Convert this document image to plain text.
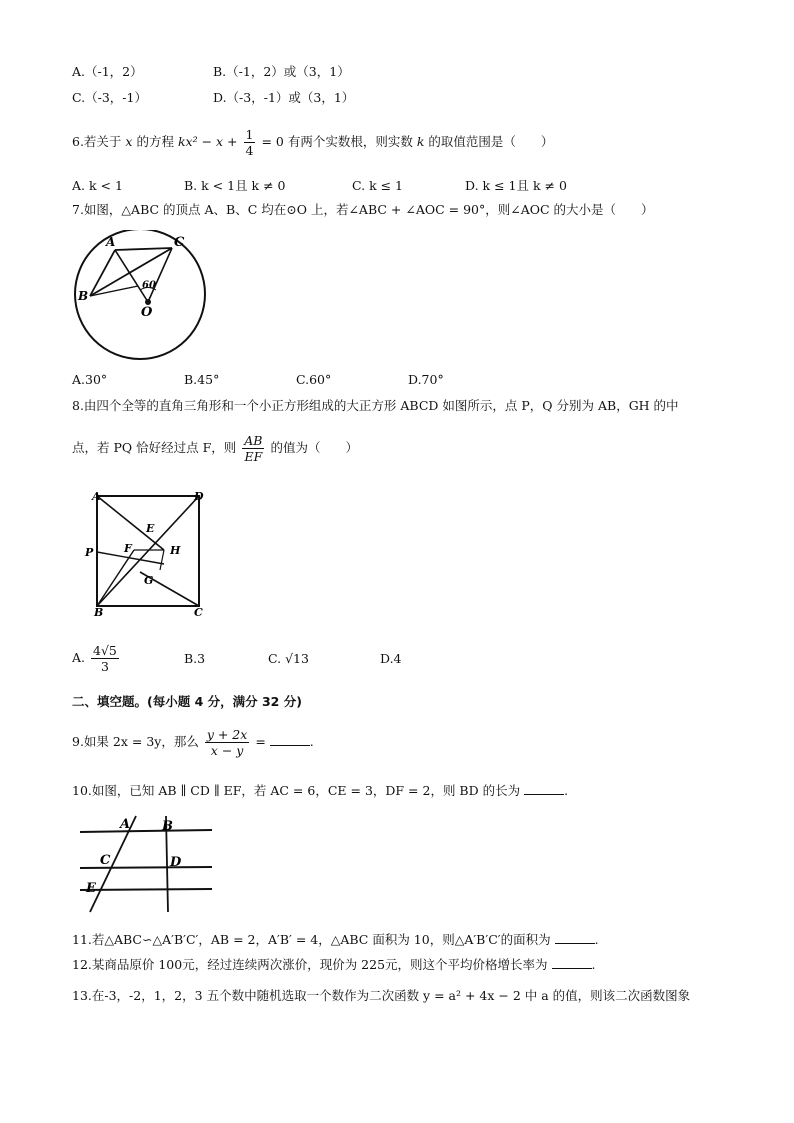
A.（-1，2）	B.（-1，2）或（3，1）
C.（-3，-1）	D.（-3，-1）或（3，1）
6.若关于 x 的方程 $kx^2 - x + \frac{1}{4} = 0$ 有两个实数根，则实数 k 的取值范围是（　　）
A. k < 1	B. k < 1且 k ≠ 0	C. k ≤ 1	D. k ≤ 1且 k ≠ 0
7.如图，△ABC 的顶点 A、B、C 均在⊙O 上，若∠ABC + ∠AOC = 90°，则∠AOC 的大小是（　　）
A	C
B
O
60
A.30°	B.45°	C.60°	D.70°
8.由四个全等的直角三角形和一个小正方形组成的大正方形 ABCD 如图所示，点 P，Q 分别为 AB，GH 的中
点，若 PQ 恰好经过点 F，则 $\frac{AB}{EF}$ 的值为（　　）
A	D
E
P	F	H
G
B	C
A. $\frac{4√5}{3}$	B.3	C. √13	D.4
二、填空题。(每小题 4 分，满分 32 分)
9.如果 2x = 3y，那么 $\frac{y + 2x}{x - y}$ =	.
10.如图，已知 AB ∥ CD ∥ EF，若 AC = 6，CE = 3，DF = 2，则 BD 的长为	.
A B
C	D
E
11.若△ABC∽△A′B′C′，AB = 2，A′B′ = 4，△ABC 面积为 10，则△A′B′C′的面积为	.
12.某商品原价 100元，经过连续两次涨价，现价为 225元，则这个平均价格增长率为	.
13.在-3，-2，1，2，3 五个数中随机选取一个数作为二次函数 y = a² + 4x − 2 中 a 的值，则该二次函数图象
